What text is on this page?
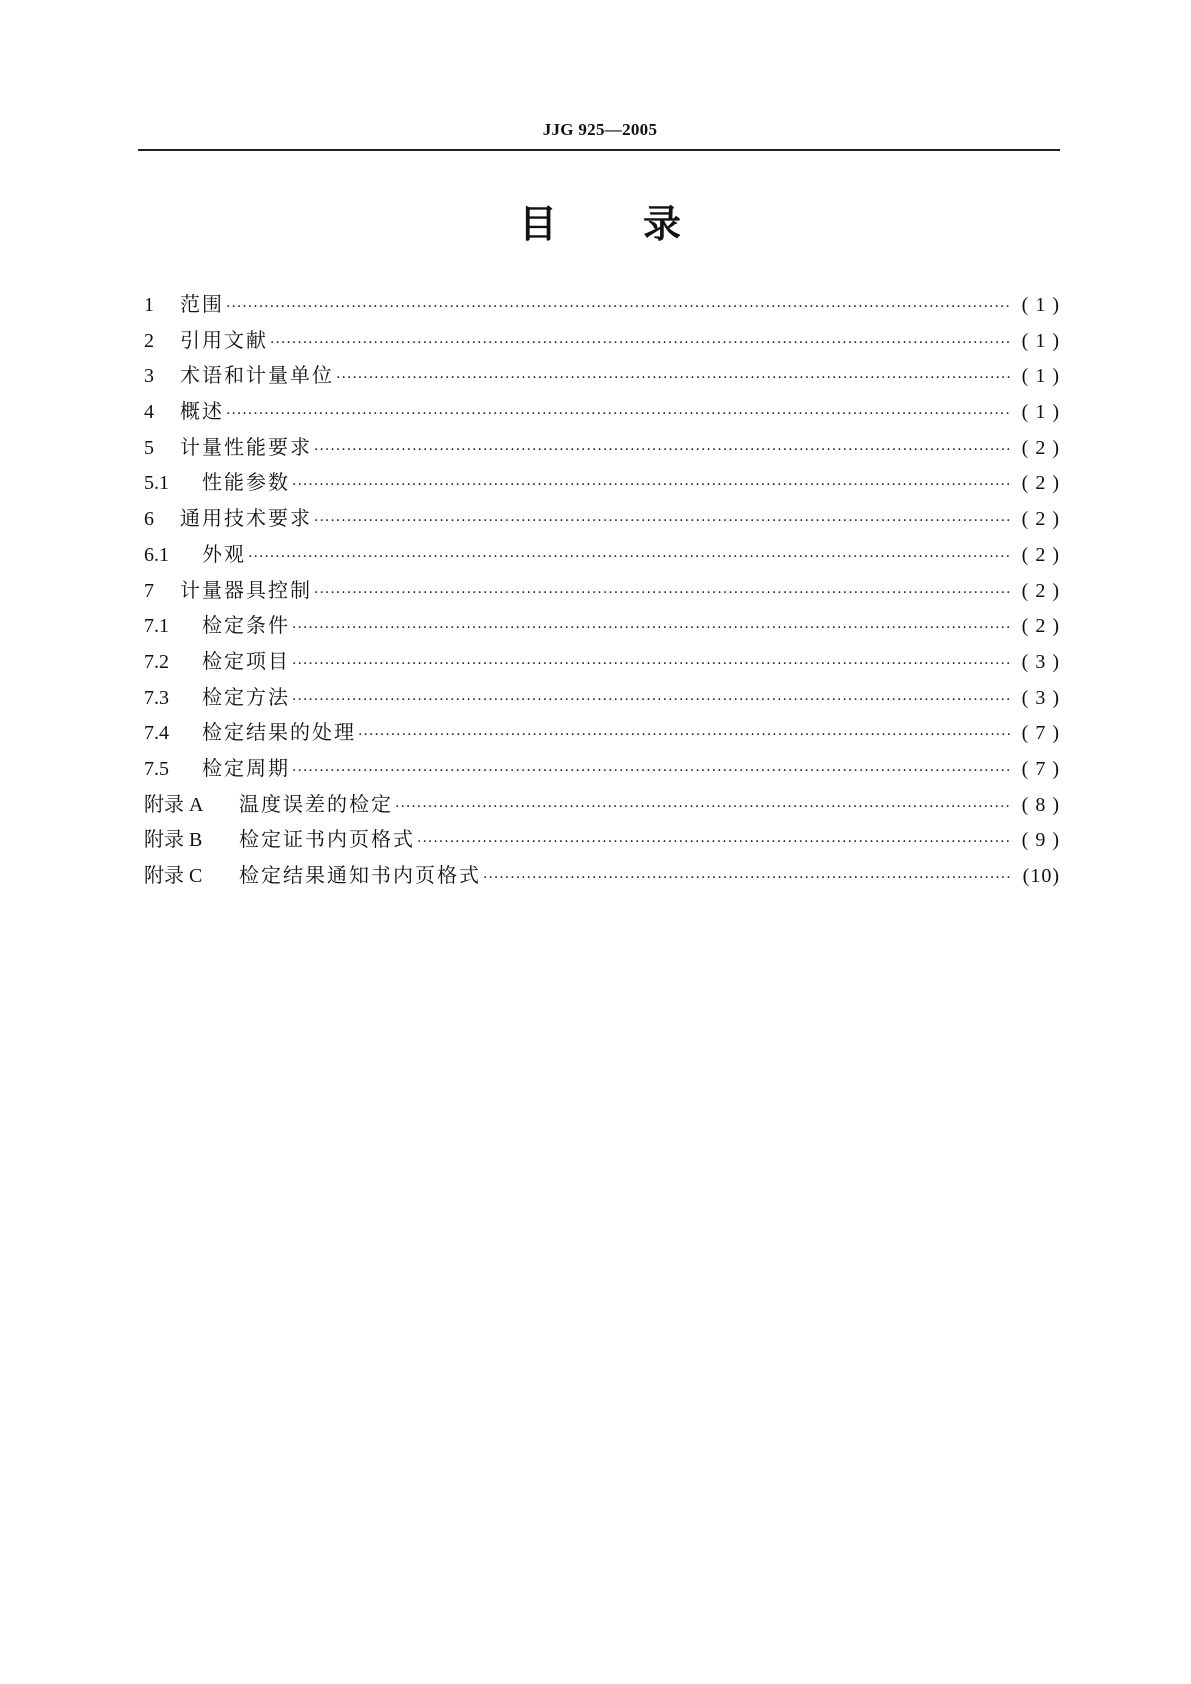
JJG 925—2005
目 录
1	范围 ·····	( 1 )
2	引用文献 ·····	( 1 )
3	术语和计量单位 ·····	( 1 )
4	概述 ·····	( 1 )
5	计量性能要求 ·····	( 2 )
5.1	性能参数 ·····	( 2 )
6	通用技术要求 ·····	( 2 )
6.1	外观 ·····	( 2 )
7	计量器具控制 ·····	( 2 )
7.1	检定条件 ·····	( 2 )
7.2	检定项目 ·····	( 3 )
7.3	检定方法 ·····	( 3 )
7.4	检定结果的处理 ·····	( 7 )
7.5	检定周期 ·····	( 7 )
附录 A	温度误差的检定 ·····	( 8 )
附录 B	检定证书内页格式 ·····	( 9 )
附录 C	检定结果通知书内页格式 ·····	(10)
